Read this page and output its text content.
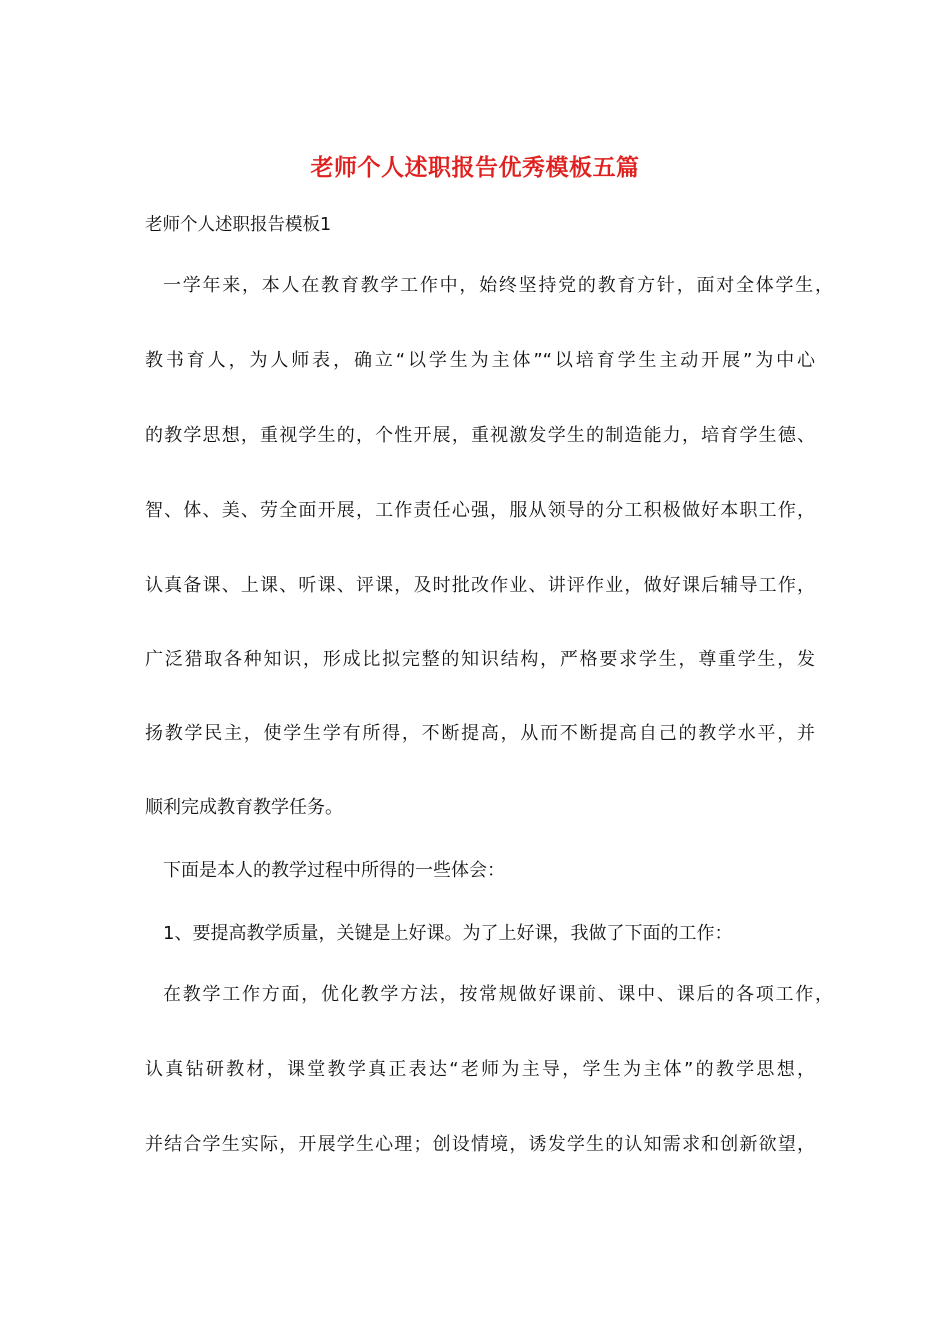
老师个人述职报告优秀模板五篇
老师个人述职报告模板1
一学年来，本人在教育教学工作中，始终坚持党的教育方针，面对全体学生，
教书育人，为人师表，确立“以学生为主体”“以培育学生主动开展”为中心
的教学思想，重视学生的，个性开展，重视激发学生的制造能力，培育学生德、
智、体、美、劳全面开展，工作责任心强，服从领导的分工积极做好本职工作，
认真备课、上课、听课、评课，及时批改作业、讲评作业，做好课后辅导工作，
广泛猎取各种知识，形成比拟完整的知识结构，严格要求学生，尊重学生，发
扬教学民主，使学生学有所得，不断提高，从而不断提高自己的教学水平，并
顺利完成教育教学任务。
下面是本人的教学过程中所得的一些体会：
1、要提高教学质量，关键是上好课。为了上好课，我做了下面的工作：
在教学工作方面，优化教学方法，按常规做好课前、课中、课后的各项工作，
认真钻研教材，课堂教学真正表达“老师为主导，学生为主体”的教学思想，
并结合学生实际，开展学生心理；创设情境，诱发学生的认知需求和创新欲望，
